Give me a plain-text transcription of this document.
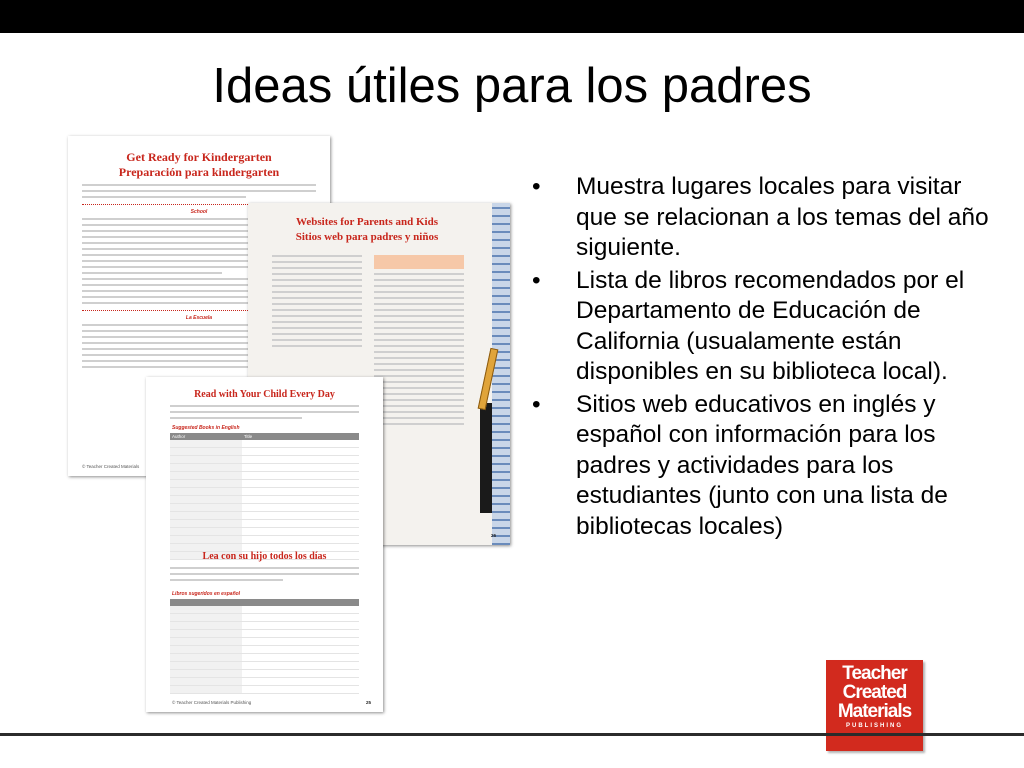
Ideas útiles para los padres
Get Ready for Kindergarten
Preparación para kindergarten
School
La Escuela
© Teacher Created Materials
Websites for Parents and Kids
Sitios web para padres y niños
26
Read with Your Child Every Day
Suggested Books in English
Author	Title
Lea con su hijo todos los días
Libros sugeridos en español
© Teacher Created Materials Publishing	25
• Muestra lugares locales para visitar que se relacionan a los temas del año siguiente.
• Lista de libros recomendados por el Departamento de Educación de California (usualamente están disponibles en su biblioteca local).
• Sitios web educativos en inglés y español con información para los padres y actividades para los estudiantes (junto con una lista de bibliotecas locales)
Teacher
Created
Materials
PUBLISHING
